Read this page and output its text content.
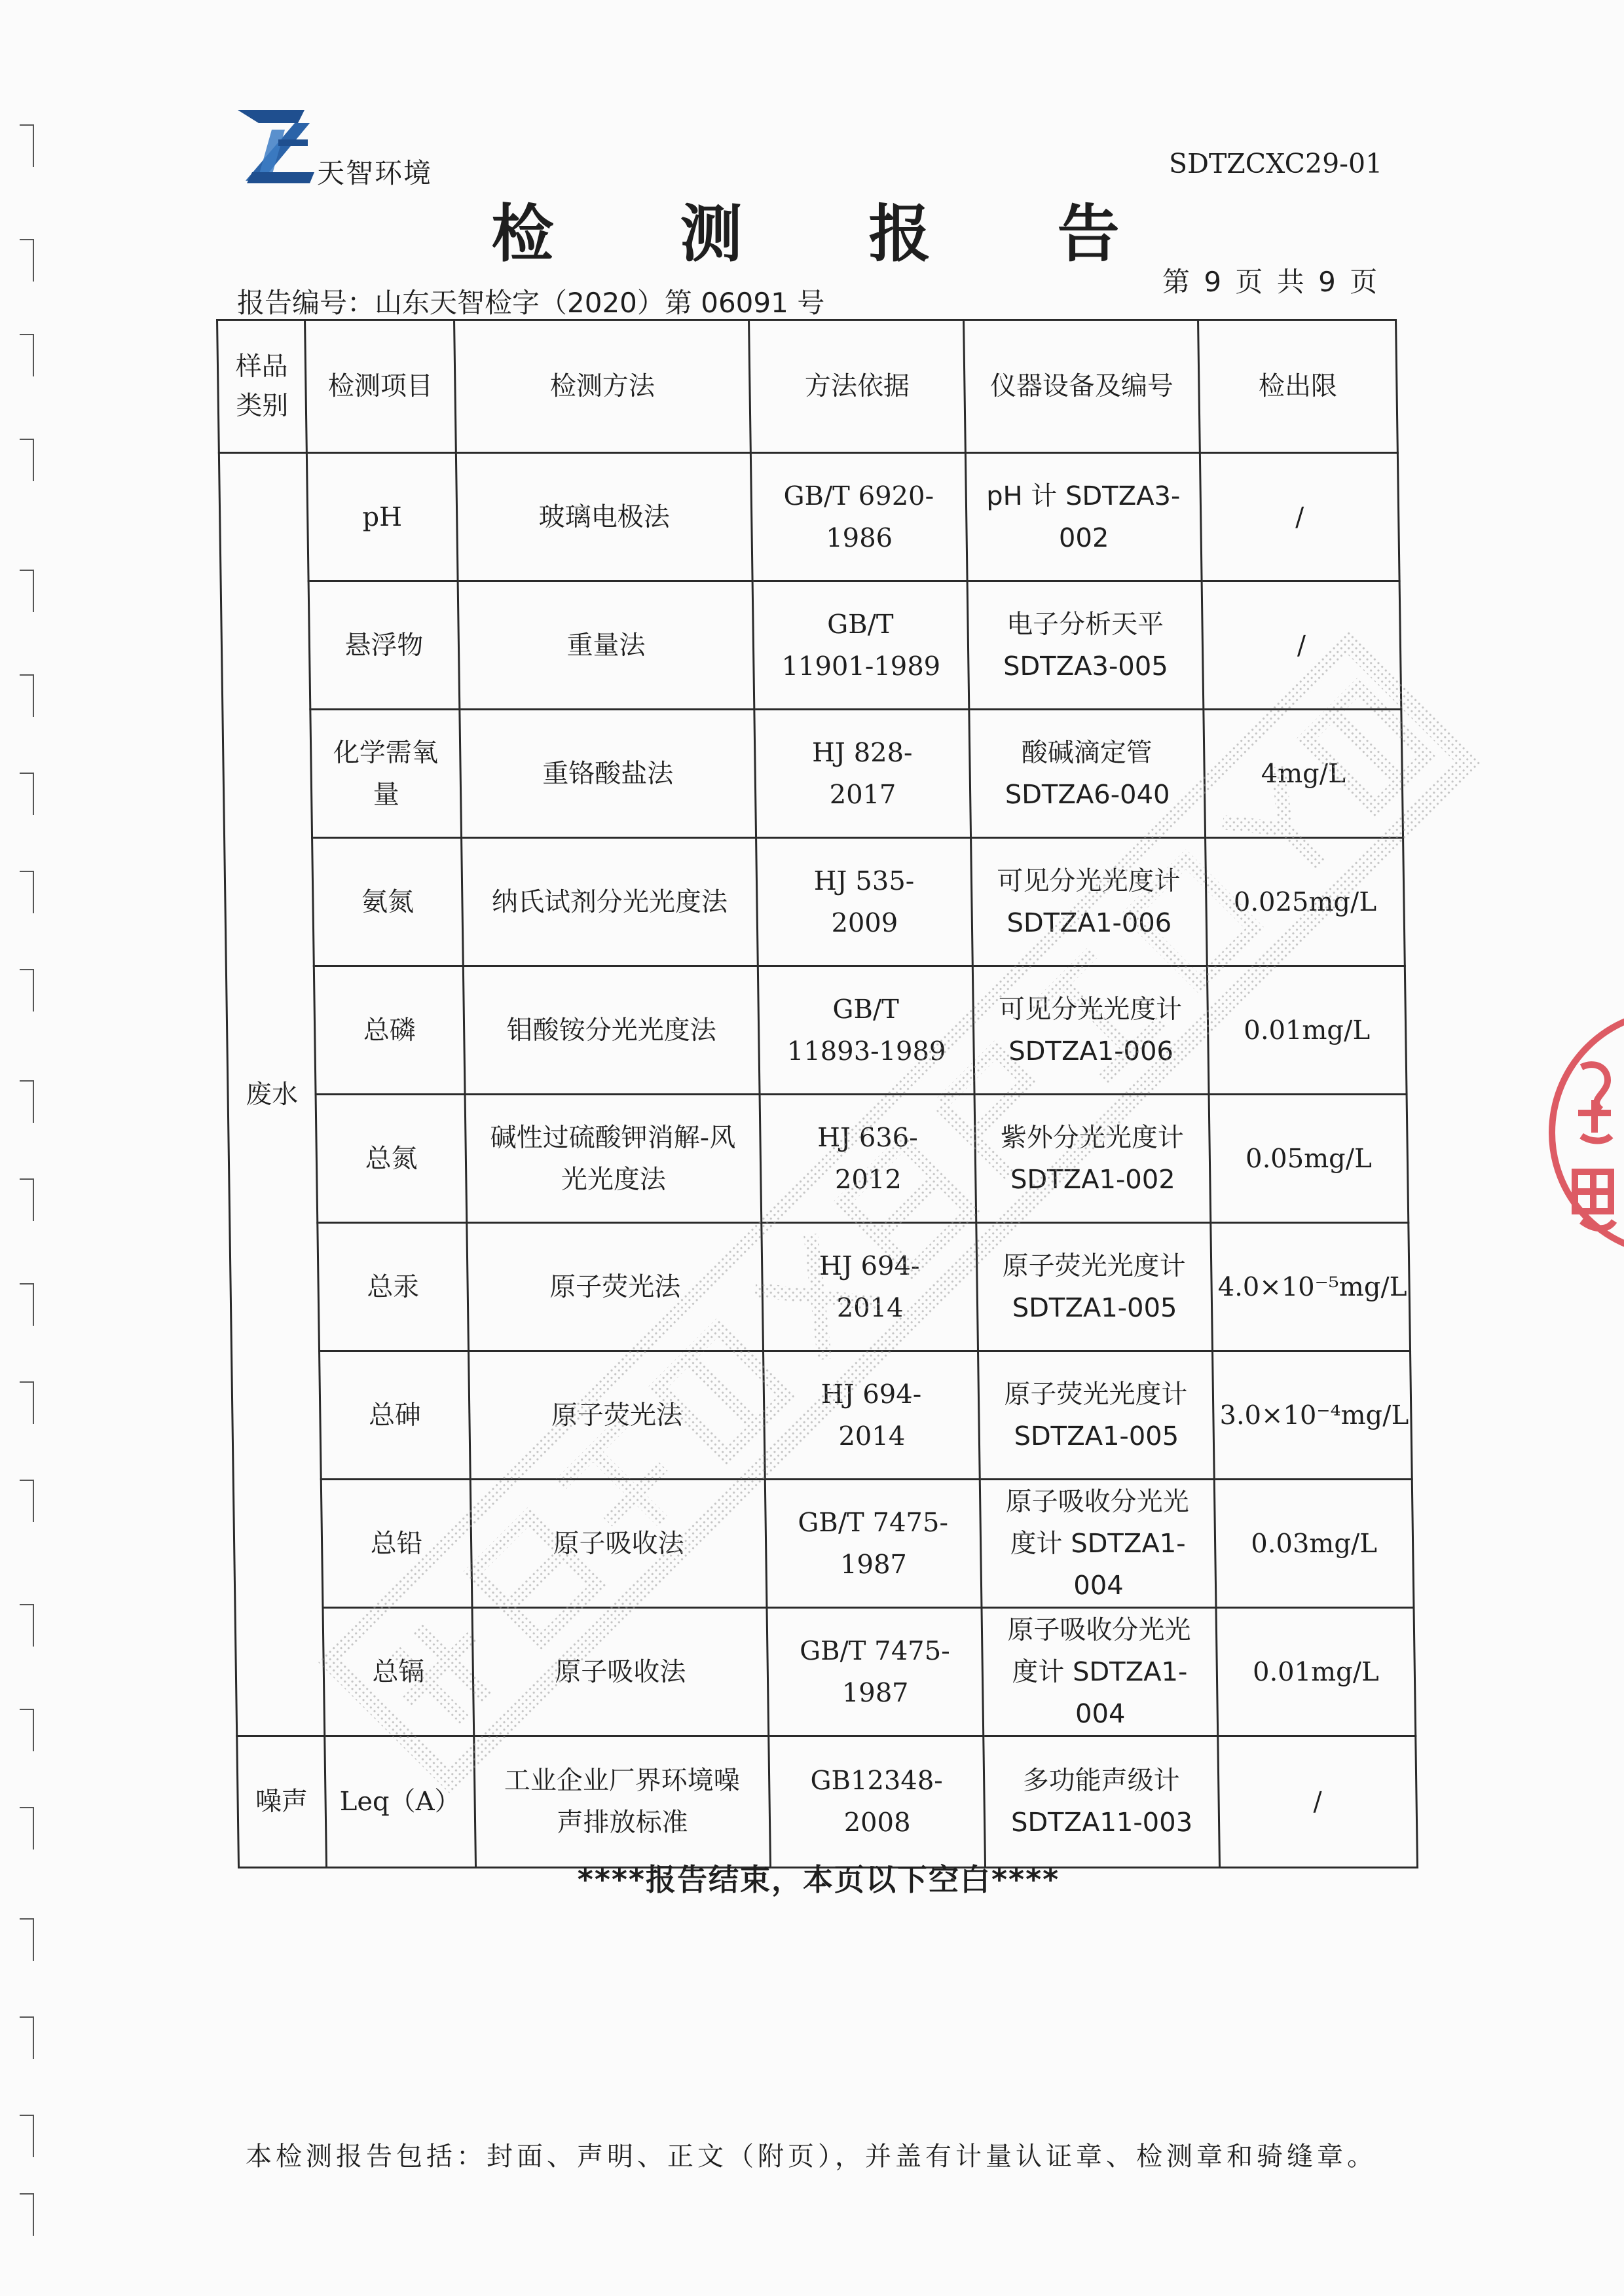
天智环境	SDTZCXC29-01
检 测 报 告
第 9 页 共 9 页
报告编号：山东天智检字（2020）第 06091 号
样品类别	检测项目	检测方法	方法依据	仪器设备及编号	检出限
废水	pH	玻璃电极法	GB/T 6920-1986	pH 计 SDTZA3-002	/
	悬浮物	重量法	GB/T 11901-1989	电子分析天平 SDTZA3-005	/
	化学需氧量	重铬酸盐法	HJ 828-2017	酸碱滴定管 SDTZA6-040	4mg/L
	氨氮	纳氏试剂分光光度法	HJ 535-2009	可见分光光度计 SDTZA1-006	0.025mg/L
	总磷	钼酸铵分光光度法	GB/T 11893-1989	可见分光光度计 SDTZA1-006	0.01mg/L
	总氮	碱性过硫酸钾消解-风光光度法	HJ 636-2012	紫外分光光度计 SDTZA1-002	0.05mg/L
	总汞	原子荧光法	HJ 694-2014	原子荧光光度计 SDTZA1-005	4.0×10⁻⁵mg/L
	总砷	原子荧光法	HJ 694-2014	原子荧光光度计 SDTZA1-005	3.0×10⁻⁴mg/L
	总铅	原子吸收法	GB/T 7475-1987	原子吸收分光光度计 SDTZA1-004	0.03mg/L
	总镉	原子吸收法	GB/T 7475-1987	原子吸收分光光度计 SDTZA1-004	0.01mg/L
噪声	Leq（A）	工业企业厂界环境噪声排放标准	GB12348-2008	多功能声级计 SDTZA11-003	/
****报告结束，本页以下空白****
本检测报告包括：封面、声明、正文（附页），并盖有计量认证章、检测章和骑缝章。
